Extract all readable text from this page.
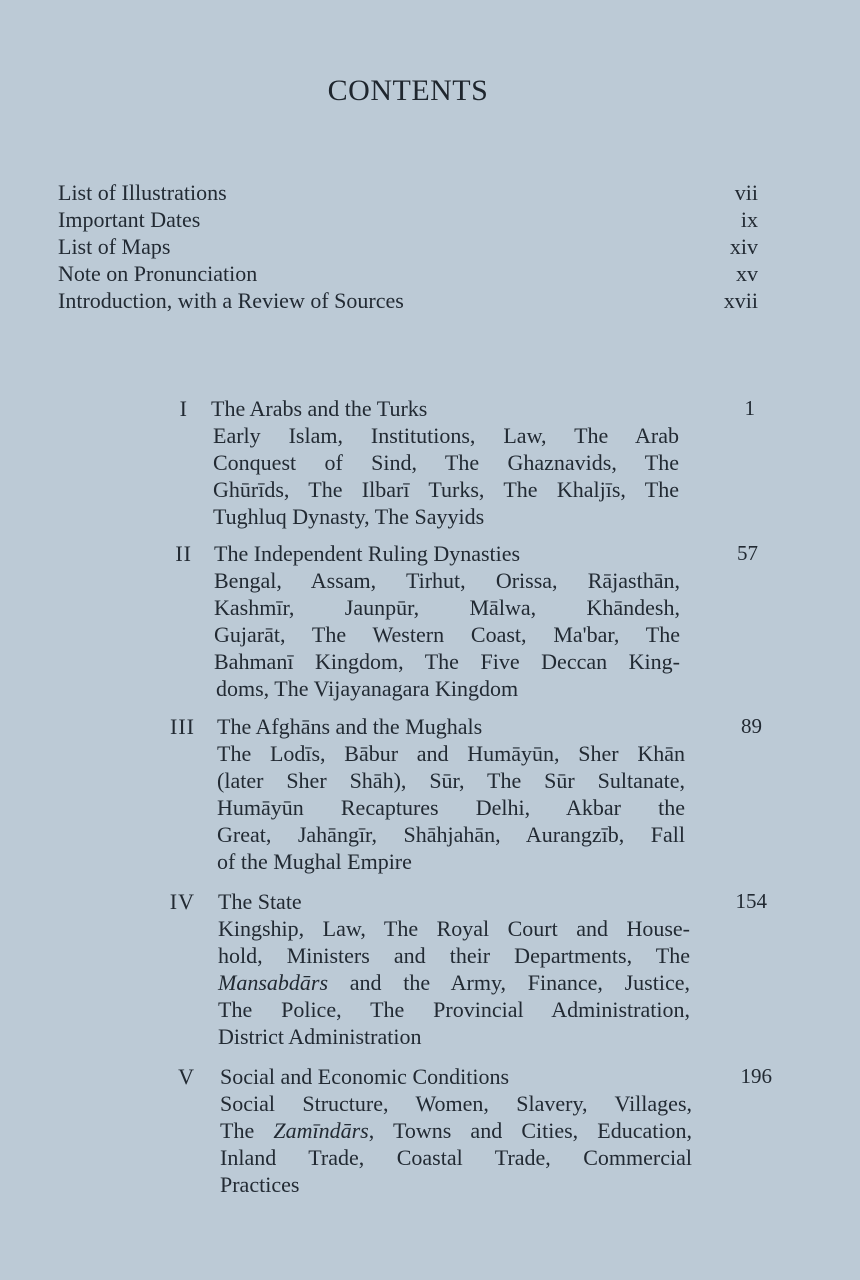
CONTENTS
List of Illustrations	vii
Important Dates	ix
List of Maps	xiv
Note on Pronunciation	xv
Introduction, with a Review of Sources	xvii
I The Arabs and the Turks	1
Early Islam, Institutions, Law, The Arab
Conquest of Sind, The Ghaznavids, The
Ghūrīds, The Ilbarī Turks, The Khaljīs, The
Tughluq Dynasty, The Sayyids
II The Independent Ruling Dynasties	57
Bengal, Assam, Tirhut, Orissa, Rājasthān,
Kashmīr, Jaunpūr, Mālwa, Khāndesh,
Gujarāt, The Western Coast, Ma'bar, The
Bahmanī Kingdom, The Five Deccan King-
doms, The Vijayanagara Kingdom
III The Afghāns and the Mughals	89
The Lodīs, Bābur and Humāyūn, Sher Khān
(later Sher Shāh), Sūr, The Sūr Sultanate,
Humāyūn Recaptures Delhi, Akbar the
Great, Jahāngīr, Shāhjahān, Aurangzīb, Fall
of the Mughal Empire
IV The State	154
Kingship, Law, The Royal Court and House-
hold, Ministers and their Departments, The
Mansabdārs and the Army, Finance, Justice,
The Police, The Provincial Administration,
District Administration
V Social and Economic Conditions	196
Social Structure, Women, Slavery, Villages,
The Zamīndārs, Towns and Cities, Education,
Inland Trade, Coastal Trade, Commercial
Practices
